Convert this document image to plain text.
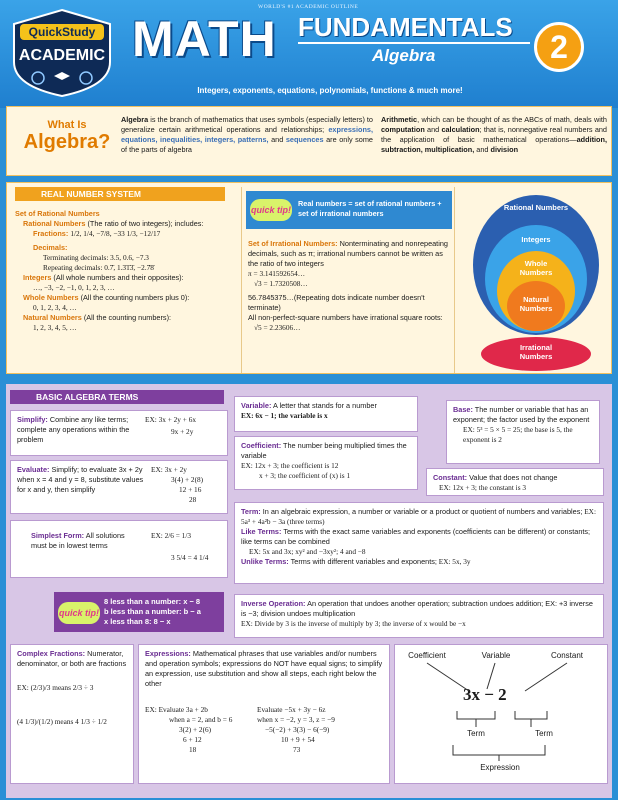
QuickStudy
ACADEMIC
WORLD'S #1 ACADEMIC OUTLINE
MATH FUNDAMENTALS
Algebra	2
Integers, exponents, equations, polynomials, functions & much more!
What Is
Algebra?
Algebra is the branch of mathematics that uses symbols (especially letters) to generalize certain arithmetical operations and relationships; expressions, equations, inequalities, integers, patterns, and sequences are only some of the parts of algebra
Arithmetic, which can be thought of as the ABCs of math, deals with computation and calculation; that is, nonnegative real numbers and the application of basic mathematical operations—addition, subtraction, multiplication, and division
REAL NUMBER SYSTEM
Set of Rational Numbers
Rational Numbers (The ratio of two integers); includes:
Fractions: 1/2, 1/4, −7/8, −33 1/3, −12/17
Decimals:
Terminating decimals: 3.5, 0.6, −7.3
Repeating decimals: 0.7̄, 1.3̄1̄3̄, −2.7̄8̄
Integers (All whole numbers and their opposites):
…, −3, −2, −1, 0, 1, 2, 3, …
Whole Numbers (All the counting numbers plus 0):
0, 1, 2, 3, 4, …
Natural Numbers (All the counting numbers):
1, 2, 3, 4, 5, …
quick tip!
Real numbers = set of rational numbers + set of irrational numbers
Set of Irrational Numbers: Nonterminating and nonrepeating decimals, such as π; irrational numbers cannot be written as the ratio of two integers
π = 3.141592654…
√3 = 1.7320508…
56.7845375…(Repeating dots indicate number doesn't terminate)
All non-perfect-square numbers have irrational square roots:
√5 = 2.23606…
Rational Numbers
Integers
Whole Numbers
Natural Numbers
Irrational Numbers
BASIC ALGEBRA TERMS
Simplify: Combine any like terms; complete any operations within the problem
EX: 3x + 2y + 6x
9x + 2y
Evaluate: Simplify; to evaluate 3x + 2y when x = 4 and y = 8, substitute values for x and y, then simplify
EX: 3x + 2y
3(4) + 2(8)
12 + 16
28
Simplest Form: All solutions must be in lowest terms
EX: 2/6 = 1/3
3 5/4 = 4 1/4
quick tip!
8 less than a number: x − 8
b less than a number: b − a
x less than 8: 8 − x
Variable: A letter that stands for a number
EX: 6x − 1; the variable is x
Base: The number or variable that has an exponent; the factor used by the exponent
EX: 5³ = 5 × 5 = 25; the base is 5, the exponent is 2
Coefficient: The number being multiplied times the variable
EX: 12x + 3; the coefficient is 12
x + 3; the coefficient of (x) is 1	Constant: Value that does not change
EX: 12x + 3; the constant is 3
Term: In an algebraic expression, a number or variable or a product or quotient of numbers and variables; EX: 5a³ + 4a²b − 3a (three terms)
Like Terms: Terms with the exact same variables and exponents (coefficients can be different) or constants; like terms can be combined
EX: 5x and 3x; xy² and −3xy²; 4 and −8
Unlike Terms: Terms with different variables and exponents; EX: 5x, 3y
Inverse Operation: An operation that undoes another operation; subtraction undoes addition; EX: +3 inverse is −3; division undoes multiplication
EX: Divide by 3 is the inverse of multiply by 3; the inverse of x would be −x
Complex Fractions: Numerator, denominator, or both are fractions
EX: (2/3)/3 means 2/3 ÷ 3
(4 1/3)/(1/2) means 4 1/3 ÷ 1/2
Expressions: Mathematical phrases that use variables and/or numbers and operation symbols; expressions do NOT have equal signs; to simplify an expression, use substitution and show all steps, each right below the other
EX: Evaluate 3a + 2b
when a = 2, and b = 6
3(2) + 2(6)
6 + 12
18
Evaluate −5x + 3y − 6z
when x = −2, y = 3, z = −9
−5(−2) + 3(3) − 6(−9)
10 + 9 + 54
73
Coefficient	Variable	Constant
3x − 2
Term	Term
Expression
